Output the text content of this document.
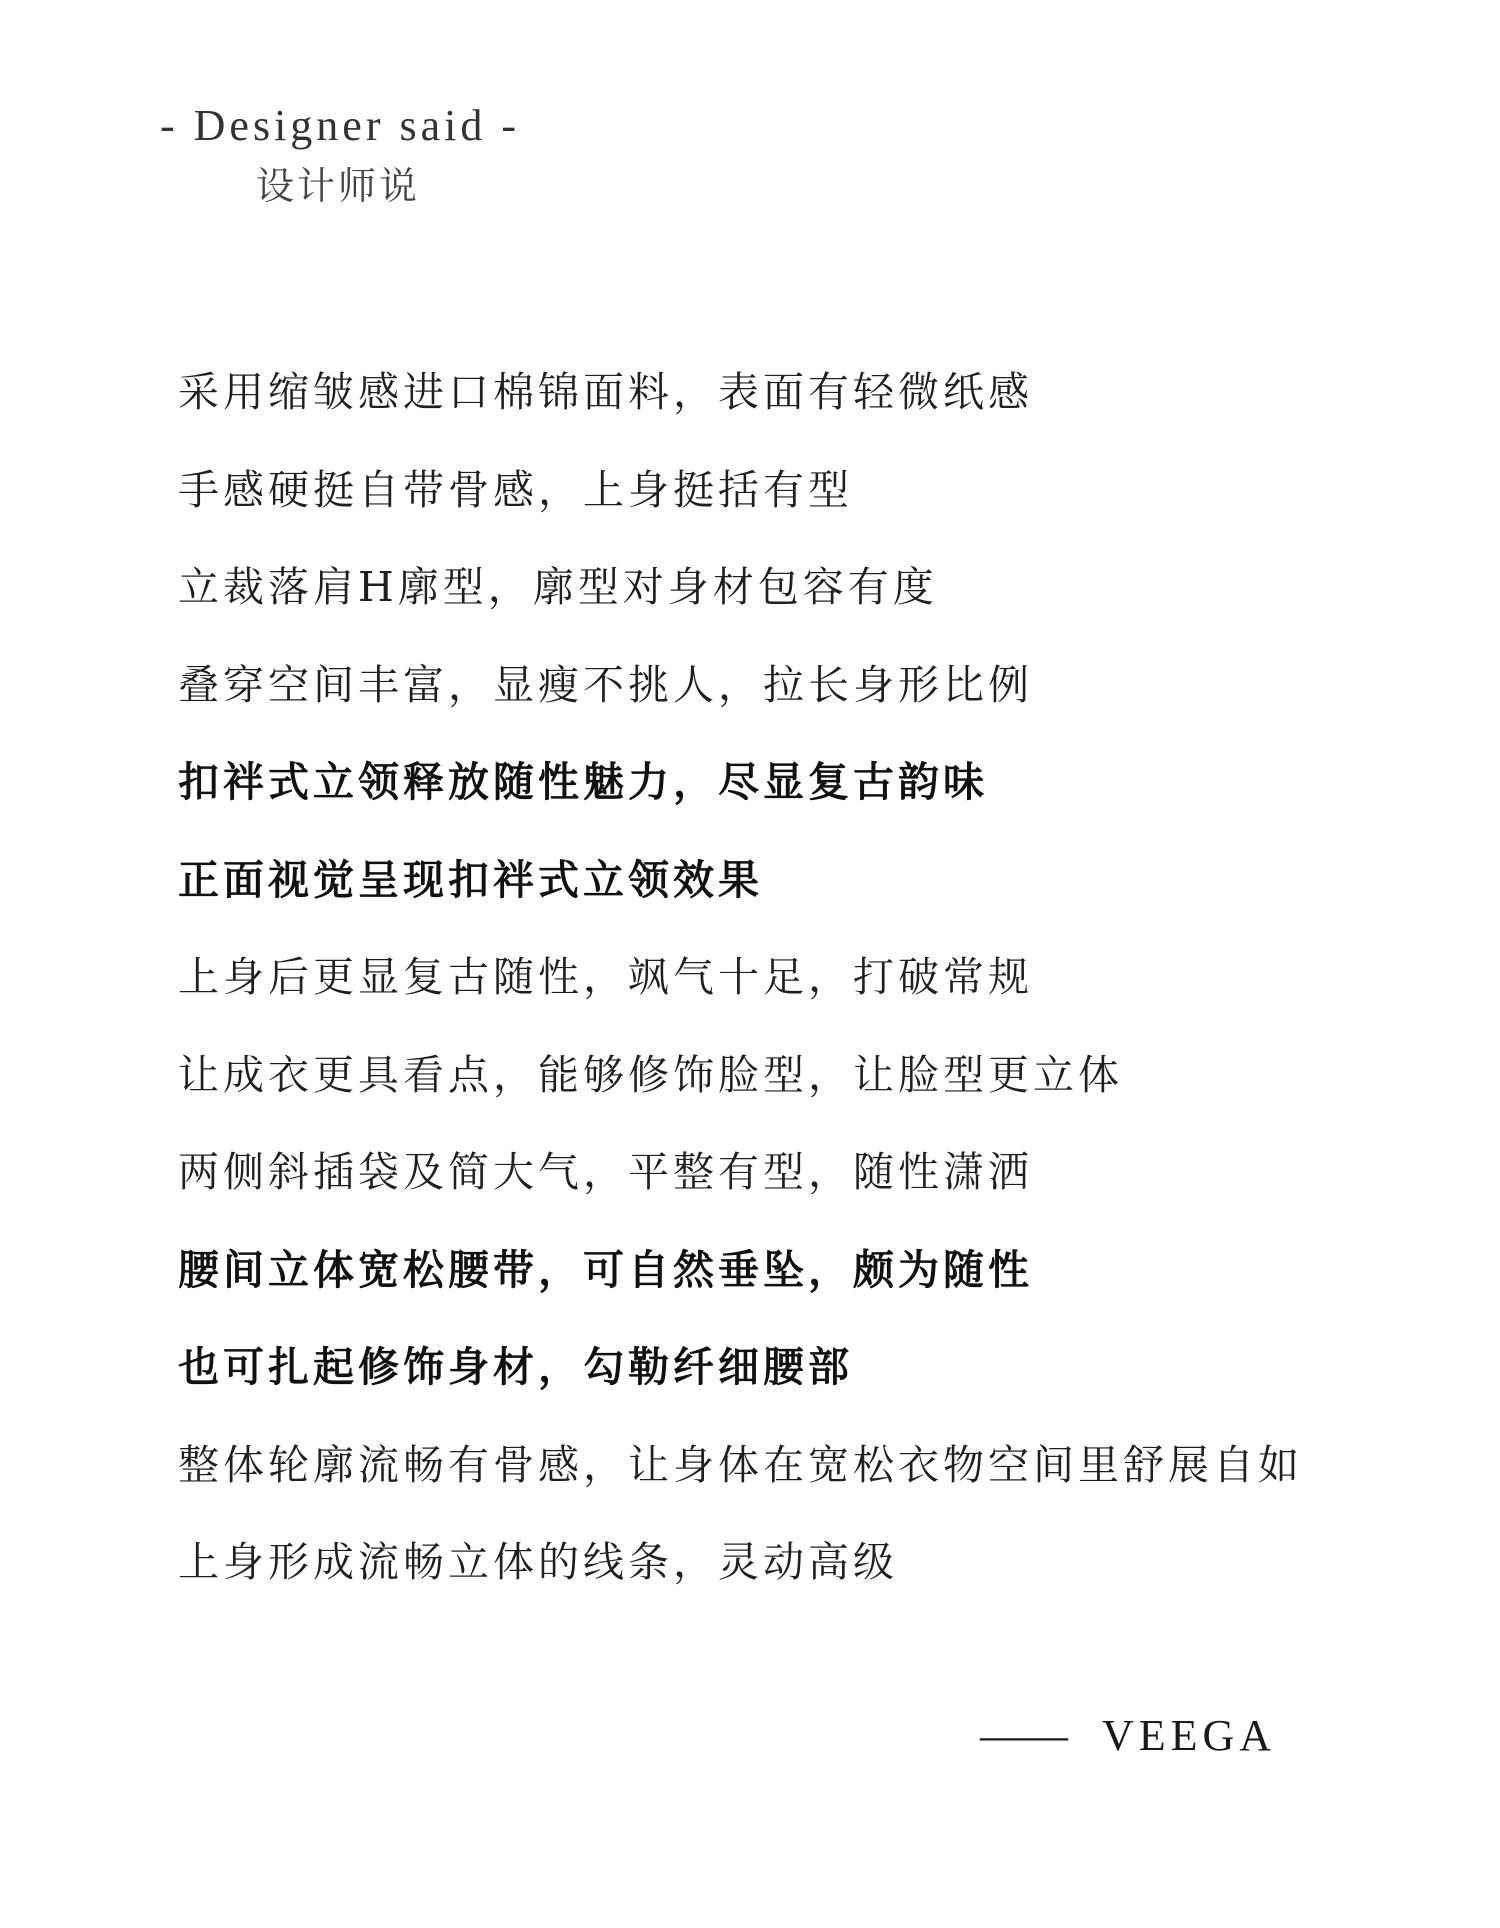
- Designer said -
设计师说
采用缩皱感进口棉锦面料，表面有轻微纸感
手感硬挺自带骨感，上身挺括有型
立裁落肩H廓型，廓型对身材包容有度
叠穿空间丰富，显瘦不挑人，拉长身形比例
扣袢式立领释放随性魅力，尽显复古韵味
正面视觉呈现扣袢式立领效果
上身后更显复古随性，飒气十足，打破常规
让成衣更具看点，能够修饰脸型，让脸型更立体
两侧斜插袋及简大气，平整有型，随性潇洒
腰间立体宽松腰带，可自然垂坠，颇为随性
也可扎起修饰身材，勾勒纤细腰部
整体轮廓流畅有骨感，让身体在宽松衣物空间里舒展自如
上身形成流畅立体的线条，灵动高级
—— VEEGA
